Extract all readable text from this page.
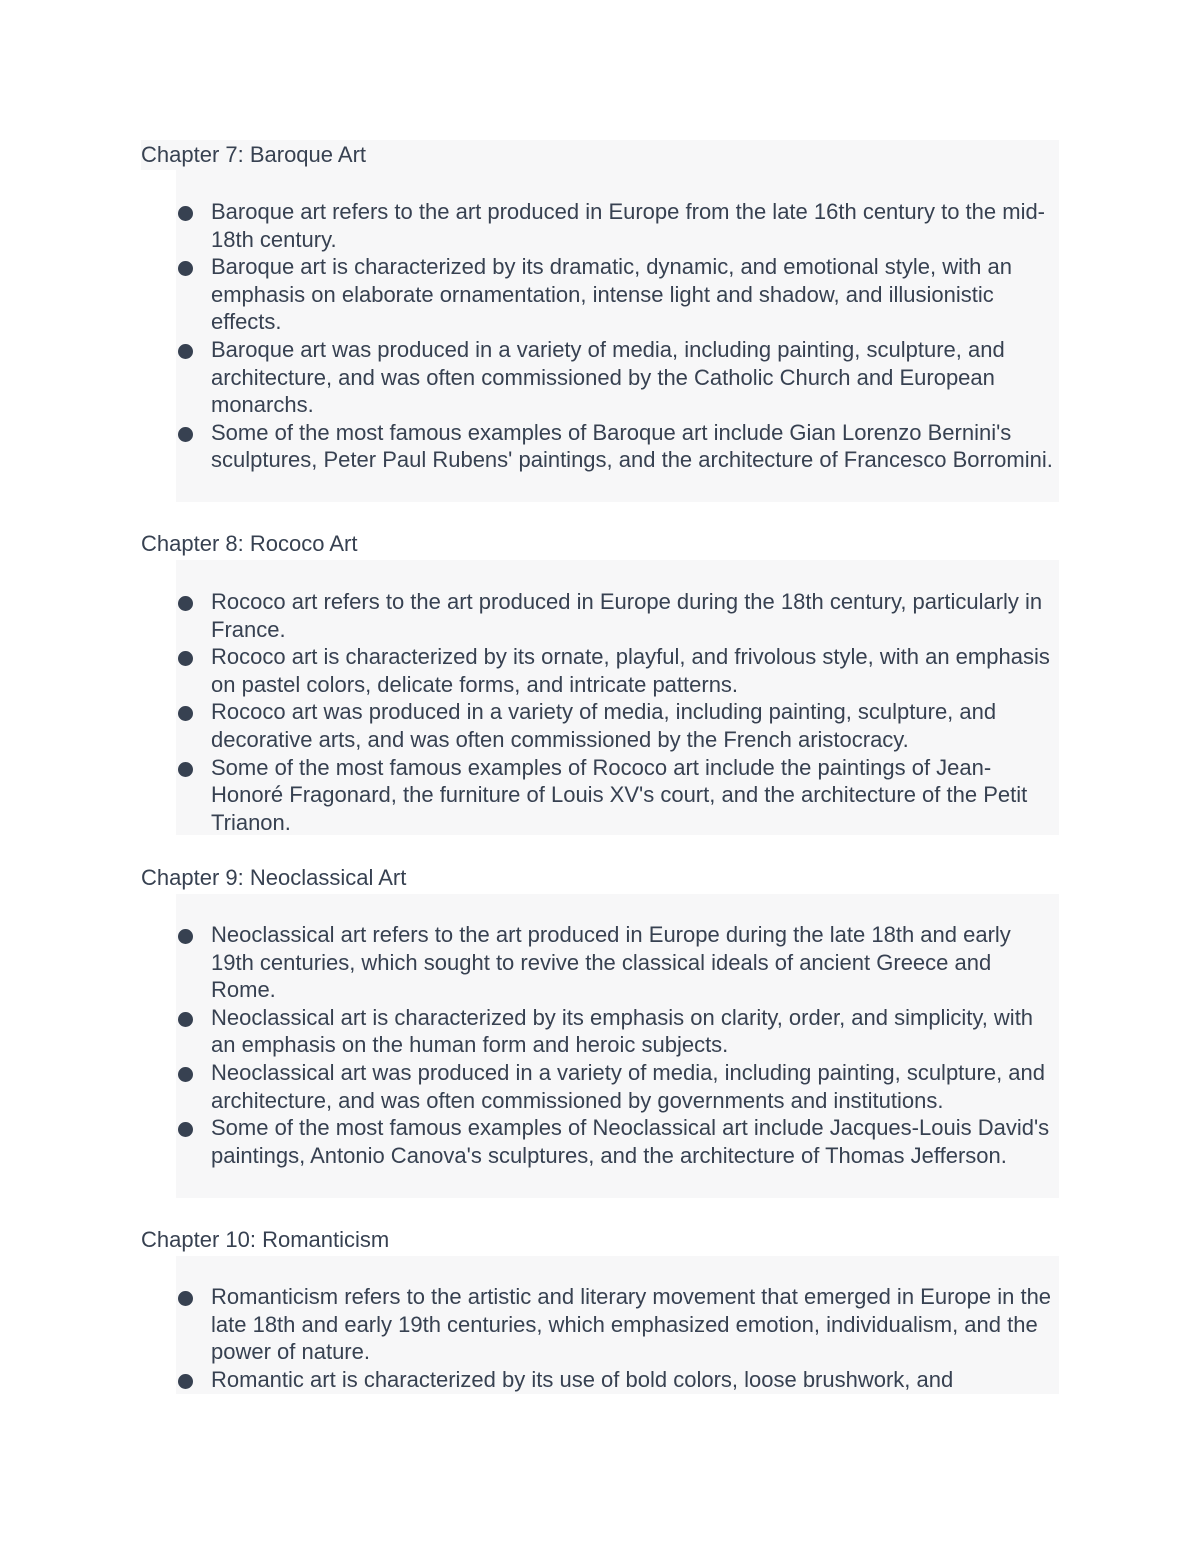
Chapter 7: Baroque Art
Baroque art refers to the art produced in Europe from the late 16th century to the mid-18th century.
Baroque art is characterized by its dramatic, dynamic, and emotional style, with an emphasis on elaborate ornamentation, intense light and shadow, and illusionistic effects.
Baroque art was produced in a variety of media, including painting, sculpture, and architecture, and was often commissioned by the Catholic Church and European monarchs.
Some of the most famous examples of Baroque art include Gian Lorenzo Bernini's sculptures, Peter Paul Rubens' paintings, and the architecture of Francesco Borromini.
Chapter 8: Rococo Art
Rococo art refers to the art produced in Europe during the 18th century, particularly in France.
Rococo art is characterized by its ornate, playful, and frivolous style, with an emphasis on pastel colors, delicate forms, and intricate patterns.
Rococo art was produced in a variety of media, including painting, sculpture, and decorative arts, and was often commissioned by the French aristocracy.
Some of the most famous examples of Rococo art include the paintings of Jean-Honoré Fragonard, the furniture of Louis XV's court, and the architecture of the Petit Trianon.
Chapter 9: Neoclassical Art
Neoclassical art refers to the art produced in Europe during the late 18th and early 19th centuries, which sought to revive the classical ideals of ancient Greece and Rome.
Neoclassical art is characterized by its emphasis on clarity, order, and simplicity, with an emphasis on the human form and heroic subjects.
Neoclassical art was produced in a variety of media, including painting, sculpture, and architecture, and was often commissioned by governments and institutions.
Some of the most famous examples of Neoclassical art include Jacques-Louis David's paintings, Antonio Canova's sculptures, and the architecture of Thomas Jefferson.
Chapter 10: Romanticism
Romanticism refers to the artistic and literary movement that emerged in Europe in the late 18th and early 19th centuries, which emphasized emotion, individualism, and the power of nature.
Romantic art is characterized by its use of bold colors, loose brushwork, and
